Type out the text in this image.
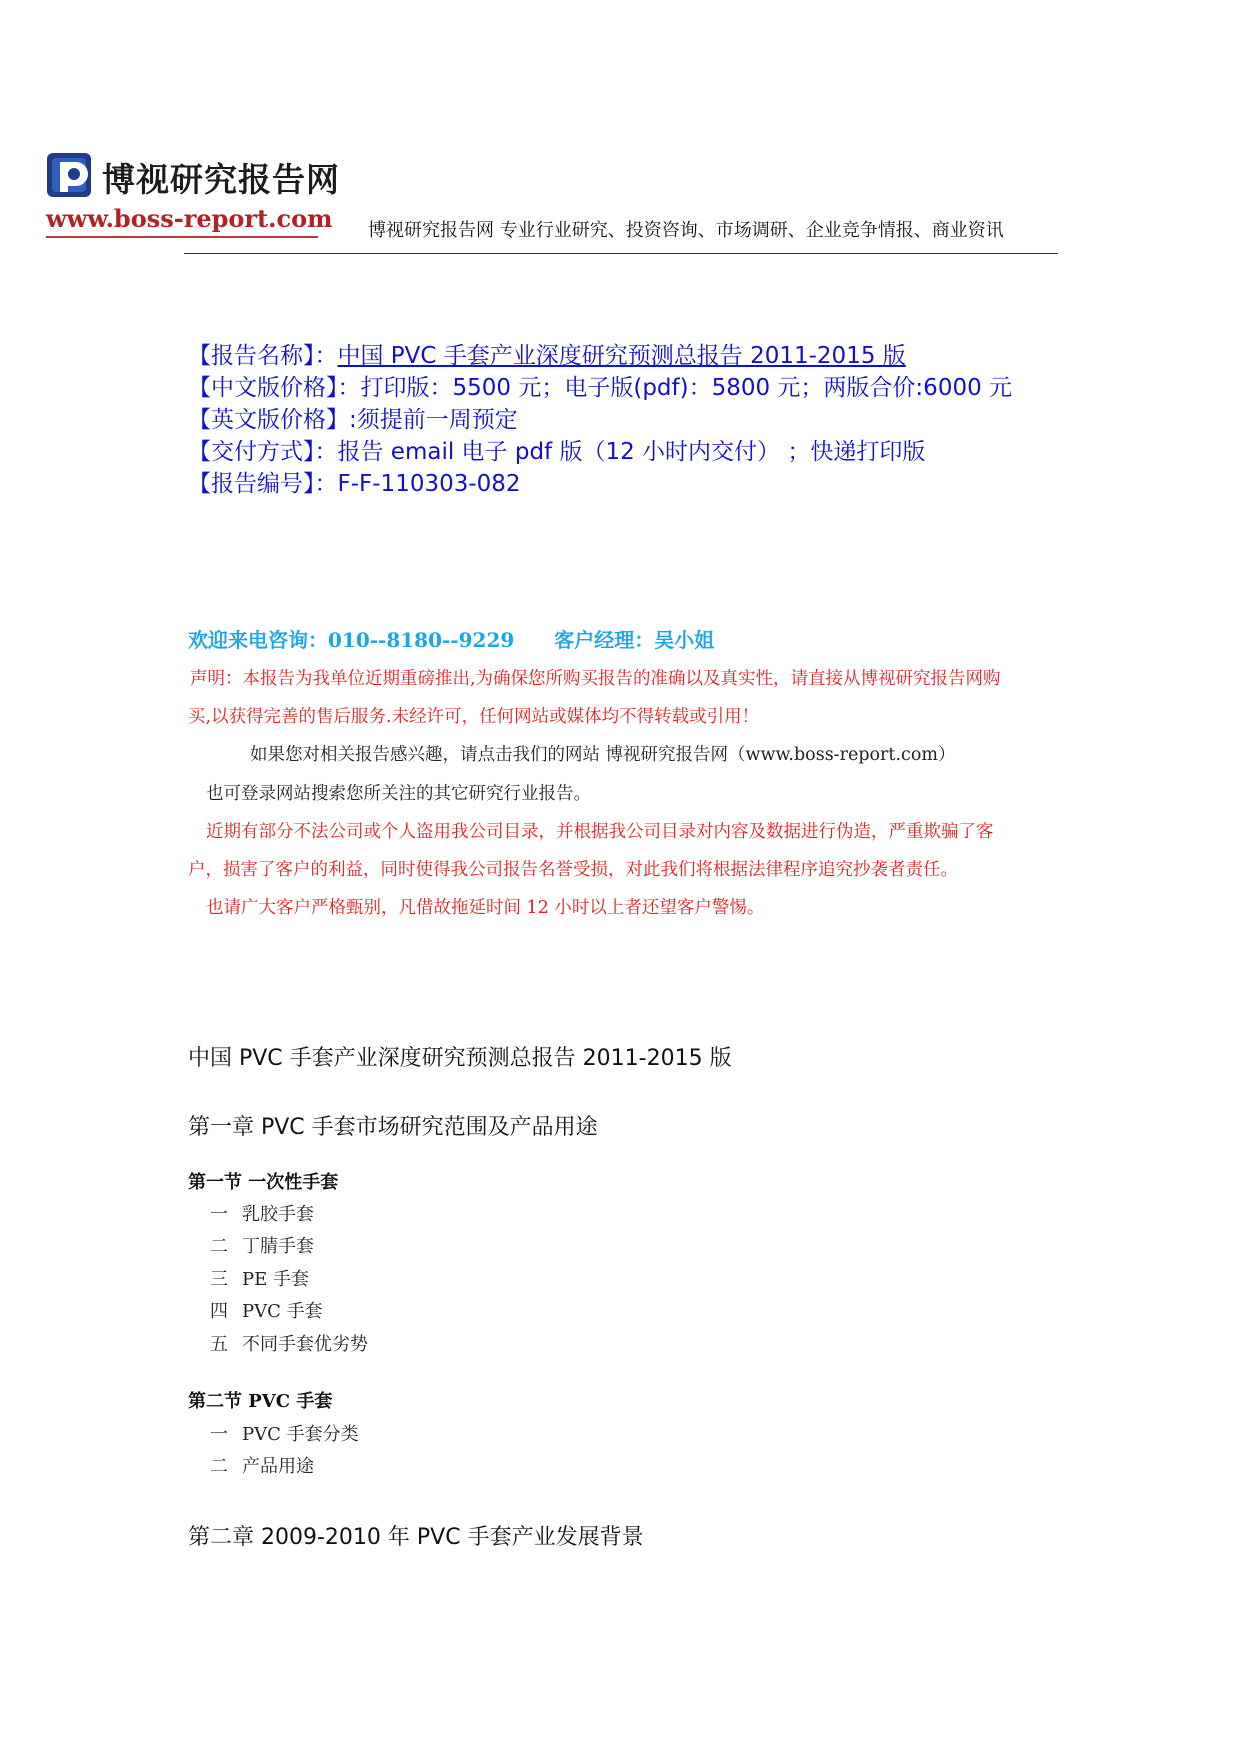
博视研究报告网
www.boss-report.com 博视研究报告网 专业行业研究、投资咨询、市场调研、企业竞争情报、商业资讯
【报告名称】：中国 PVC 手套产业深度研究预测总报告 2011-2015 版
【中文版价格】：打印版：5500 元；电子版(pdf)：5800 元；两版合价:6000 元
【英文版价格】:须提前一周预定
【交付方式】：报告 email 电子 pdf 版（12 小时内交付） ；快递打印版
【报告编号】：F-F-110303-082
欢迎来电咨询：010--8180--9229 客户经理：吴小姐
声明：本报告为我单位近期重磅推出,为确保您所购买报告的准确以及真实性，请直接从博视研究报告网购
买,以获得完善的售后服务.未经许可，任何网站或媒体均不得转载或引用！
如果您对相关报告感兴趣，请点击我们的网站 博视研究报告网（www.boss-report.com）
也可登录网站搜索您所关注的其它研究行业报告。
近期有部分不法公司或个人盗用我公司目录，并根据我公司目录对内容及数据进行伪造，严重欺骗了客
户，损害了客户的利益，同时使得我公司报告名誉受损，对此我们将根据法律程序追究抄袭者责任。
也请广大客户严格甄别，凡借故拖延时间 12 小时以上者还望客户警惕。
中国 PVC 手套产业深度研究预测总报告 2011-2015 版
第一章 PVC 手套市场研究范围及产品用途
第一节 一次性手套
一 乳胶手套
二 丁腈手套
三 PE 手套
四 PVC 手套
五 不同手套优劣势
第二节 PVC 手套
一 PVC 手套分类
二 产品用途
第二章 2009-2010 年 PVC 手套产业发展背景
